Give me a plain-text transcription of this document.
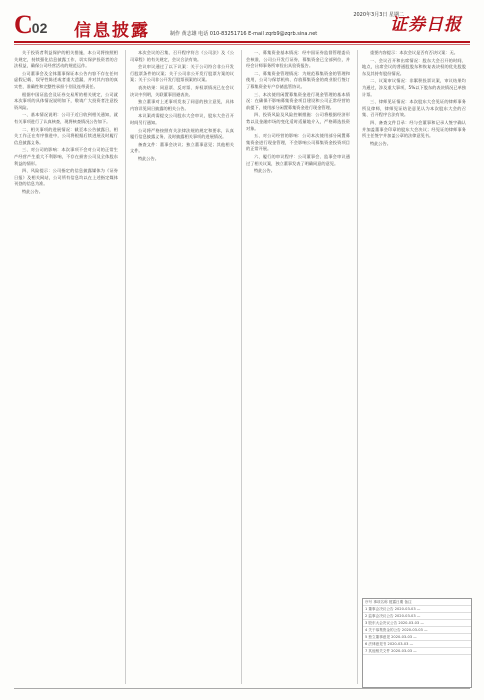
C02 信息披露
2020年3月3日 星期二
制作 黄志雄 电话 010-83251716 E-mail zqrb9@zqrb.sina.net	证券日报

关于投资者利益保护的相关措施，本公司将按照相关规定，持续强化信息披露工作，切实保护投资者的合法权益，确保公司经营活动的规范运作。

公司董事会及全体董事保证本公告内容不存在任何虚假记载、误导性陈述或者重大遗漏，并对其内容的真实性、准确性和完整性承担个别及连带责任。

根据中国证监会及证券交易所的相关规定，公司就本次事项的具体情况说明如下，敬请广大投资者注意投资风险。

一、基本情况说明：公司于近日收到相关通知，就有关事项进行了认真核查，现将核查情况公告如下。

二、相关事项的进展情况：截至本公告披露日，相关工作正在有序推进中，公司将根据后续进展及时履行信息披露义务。

三、对公司的影响：本次事项不会对公司的正常生产经营产生重大不利影响，不存在损害公司及全体股东利益的情形。

四、风险提示：公司指定的信息披露媒体为《证券日报》及相关网站，公司所有信息均以在上述指定媒体刊登的信息为准。

特此公告。

本次会议的召集、召开程序符合《公司法》及《公司章程》的有关规定，会议合法有效。

会议审议通过了以下议案：关于公司符合非公开发行股票条件的议案；关于公司非公开发行股票方案的议案；关于公司非公开发行股票预案的议案。

表决结果：同意票、反对票、弃权票情况已在会议决议中列明，关联董事回避表决。

独立董事对上述事项发表了同意的独立意见，具体内容详见同日披露的相关公告。

本议案尚需提交公司股东大会审议，股东大会召开时间另行通知。

公司将严格按照有关法律法规的规定和要求，认真履行信息披露义务，及时披露相关事项的进展情况。

备查文件：董事会决议；独立董事意见；其他相关文件。

特此公告。

一、募集资金基本情况：经中国证券监督管理委员会核准，公司公开发行证券，募集资金已全部到位，并经会计师事务所审验出具验资报告。

二、募集资金管理情况：为规范募集资金的管理和使用，公司与保荐机构、存放募集资金的商业银行签订了募集资金专户存储监管协议。

三、本次使用闲置募集资金进行现金管理的基本情况：在确保不影响募集资金项目建设和公司正常经营的前提下，使用部分闲置募集资金进行现金管理。

四、投资风险及风险控制措施：公司将根据经济形势以及金融市场的变化适时适量地介入，严格筛选投资对象。

五、对公司经营的影响：公司本次使用部分闲置募集资金进行现金管理，不会影响公司募集资金投资项目的正常开展。

六、履行的审议程序：公司董事会、监事会审议通过了相关议案，独立董事发表了明确同意的意见。

特此公告。

重要内容提示：本次会议是否有否决议案：无。

一、会议召开和出席情况：股东大会召开的时间、地点，出席会议的普通股股东和恢复表决权的优先股股东及其持有股份情况。

二、议案审议情况：非累积投票议案，审议结果均为通过，涉及重大事项，5%以下股东的表决情况已单独计票。

三、律师见证情况：本次股东大会见证的律师事务所及律师，律师见证结论意见认为本次股东大会的召集、召开程序合法有效。

四、备查文件目录：经与会董事和记录人签字确认并加盖董事会印章的股东大会决议；经见证的律师事务所主任签字并加盖公章的法律意见书。

特此公告。

序号 事项名称 披露日期 备注
1 董事会决议公告 2020-03-03 —
2 监事会决议公告 2020-03-03 —
3 股东大会决议公告 2020-03-03 —
4 关于募集资金的公告 2020-03-03 —
5 独立董事意见 2020-03-03 —
6 法律意见书 2020-03-03 —
7 其他相关文件 2020-03-03 —
